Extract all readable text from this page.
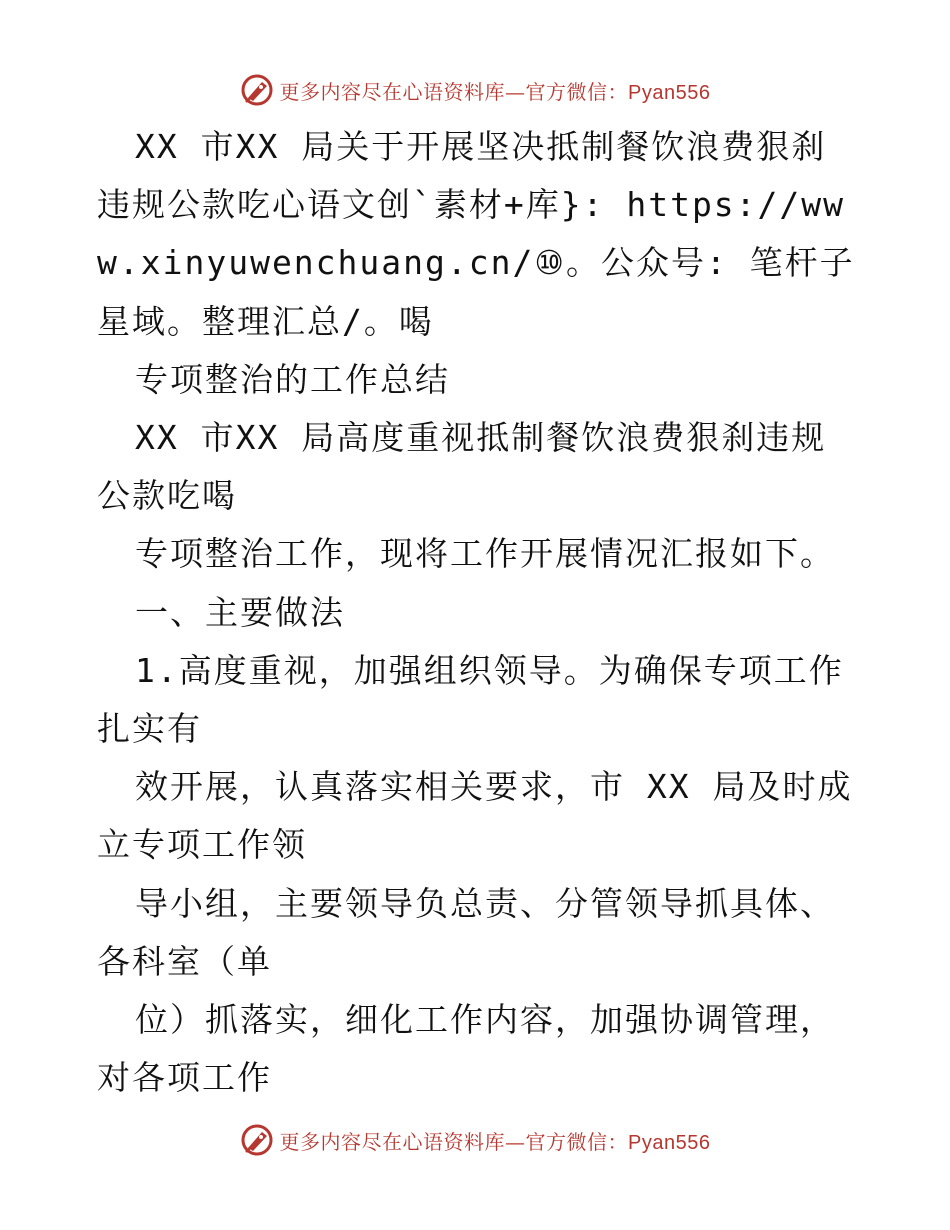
更多内容尽在心语资料库—官方微信：Pyan556

XX 市XX 局关于开展坚决抵制餐饮浪费狠刹违规公款吃心语文创`素材+库}: https://www.xinyuwenchuang.cn/⑩。公众号: 笔杆子星域。整理汇总/。喝

专项整治的工作总结

XX 市XX 局高度重视抵制餐饮浪费狠刹违规公款吃喝

专项整治工作，现将工作开展情况汇报如下。

一、主要做法

1.高度重视，加强组织领导。为确保专项工作扎实有

效开展，认真落实相关要求，市 XX 局及时成立专项工作领

导小组，主要领导负总责、分管领导抓具体、各科室（单

位）抓落实，细化工作内容，加强协调管理，对各项工作

更多内容尽在心语资料库—官方微信：Pyan556
